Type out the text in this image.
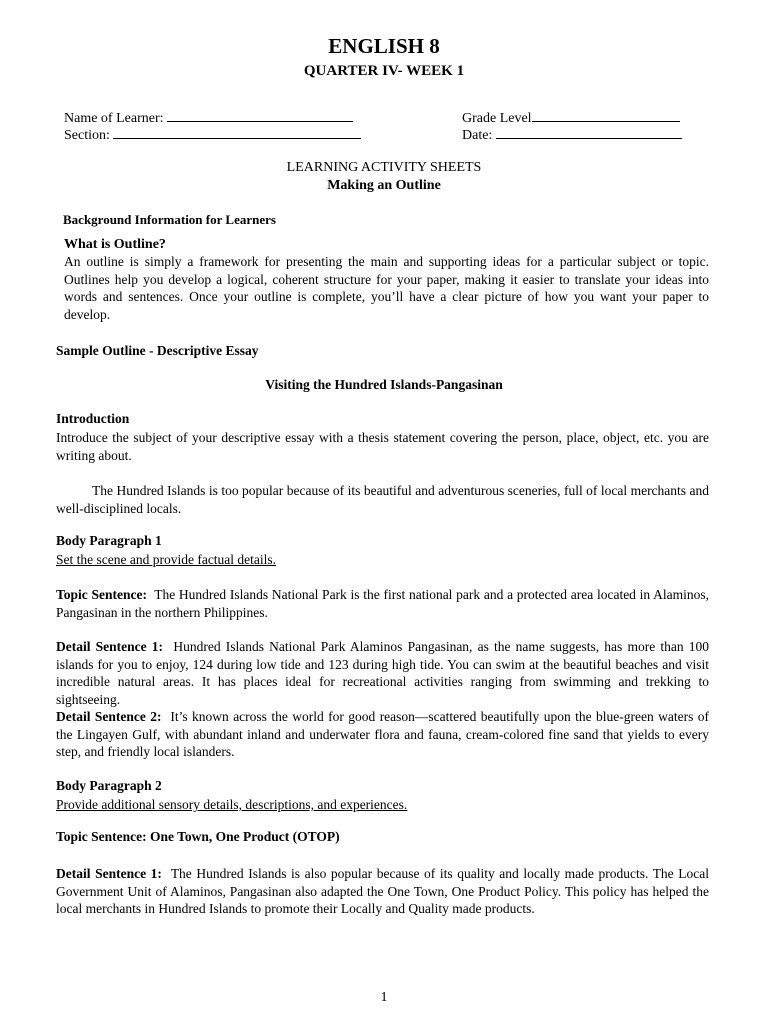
ENGLISH 8
QUARTER IV- WEEK 1
Name of Learner:	Grade Level
Section:	Date:
LEARNING ACTIVITY SHEETS
Making an Outline
Background Information for Learners
What is Outline?
An outline is simply a framework for presenting the main and supporting ideas for a particular subject or topic. Outlines help you develop a logical, coherent structure for your paper, making it easier to translate your ideas into words and sentences. Once your outline is complete, you’ll have a clear picture of how you want your paper to develop.
Sample Outline - Descriptive Essay
Visiting the Hundred Islands-Pangasinan
Introduction
Introduce the subject of your descriptive essay with a thesis statement covering the person, place, object, etc. you are writing about.
The Hundred Islands is too popular because of its beautiful and adventurous sceneries, full of local merchants and well-disciplined locals.
Body Paragraph 1
Set the scene and provide factual details.
Topic Sentence: The Hundred Islands National Park is the first national park and a protected area located in Alaminos, Pangasinan in the northern Philippines.
Detail Sentence 1: Hundred Islands National Park Alaminos Pangasinan, as the name suggests, has more than 100 islands for you to enjoy, 124 during low tide and 123 during high tide. You can swim at the beautiful beaches and visit incredible natural areas. It has places ideal for recreational activities ranging from swimming and trekking to sightseeing.
Detail Sentence 2: It’s known across the world for good reason—scattered beautifully upon the blue-green waters of the Lingayen Gulf, with abundant inland and underwater flora and fauna, cream-colored fine sand that yields to every step, and friendly local islanders.
Body Paragraph 2
Provide additional sensory details, descriptions, and experiences.
Topic Sentence: One Town, One Product (OTOP)
Detail Sentence 1: The Hundred Islands is also popular because of its quality and locally made products. The Local Government Unit of Alaminos, Pangasinan also adapted the One Town, One Product Policy. This policy has helped the local merchants in Hundred Islands to promote their Locally and Quality made products.
1
